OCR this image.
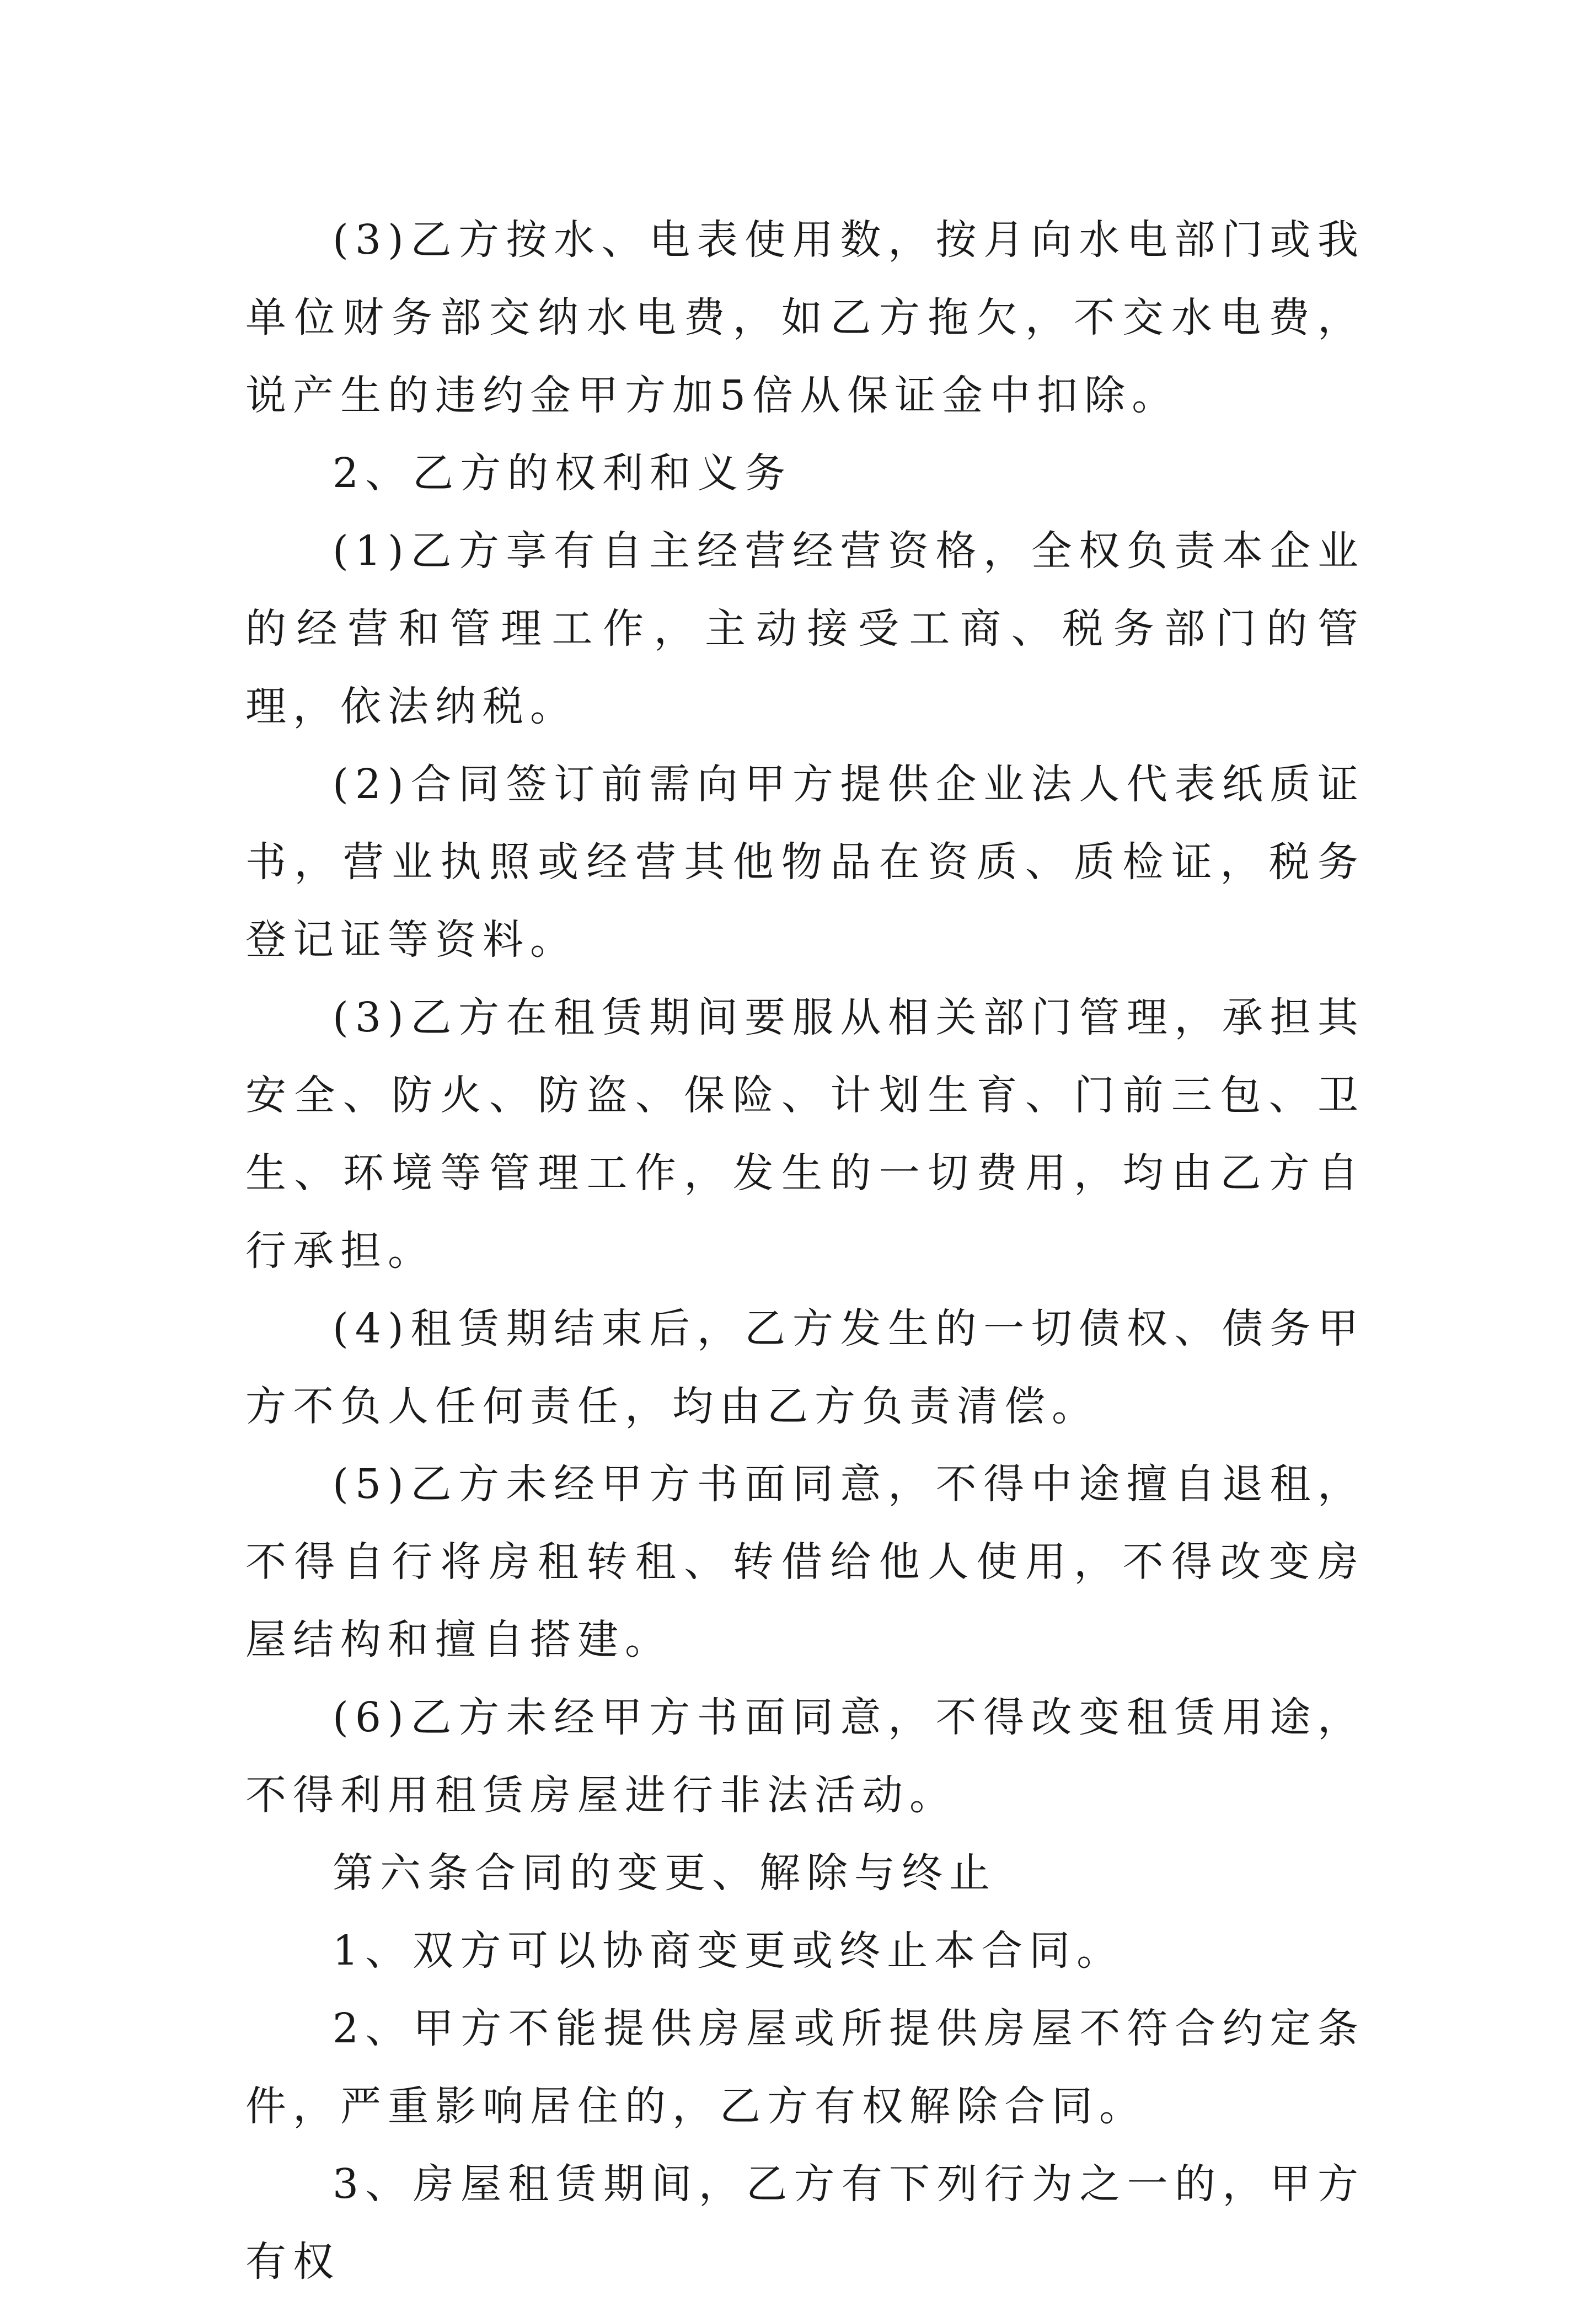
(3)乙方按水、电表使用数，按月向水电部门或我单位财务部交纳水电费，如乙方拖欠，不交水电费，说产生的违约金甲方加5倍从保证金中扣除。

2、乙方的权利和义务

(1)乙方享有自主经营经营资格，全权负责本企业的经营和管理工作，主动接受工商、税务部门的管理，依法纳税。

(2)合同签订前需向甲方提供企业法人代表纸质证书，营业执照或经营其他物品在资质、质检证，税务登记证等资料。

(3)乙方在租赁期间要服从相关部门管理，承担其安全、防火、防盗、保险、计划生育、门前三包、卫生、环境等管理工作，发生的一切费用，均由乙方自行承担。

(4)租赁期结束后，乙方发生的一切债权、债务甲方不负人任何责任，均由乙方负责清偿。

(5)乙方未经甲方书面同意，不得中途擅自退租，不得自行将房租转租、转借给他人使用，不得改变房屋结构和擅自搭建。

(6)乙方未经甲方书面同意，不得改变租赁用途，不得利用租赁房屋进行非法活动。

第六条合同的变更、解除与终止

1、双方可以协商变更或终止本合同。

2、甲方不能提供房屋或所提供房屋不符合约定条件，严重影响居住的，乙方有权解除合同。

3、房屋租赁期间，乙方有下列行为之一的，甲方有权
